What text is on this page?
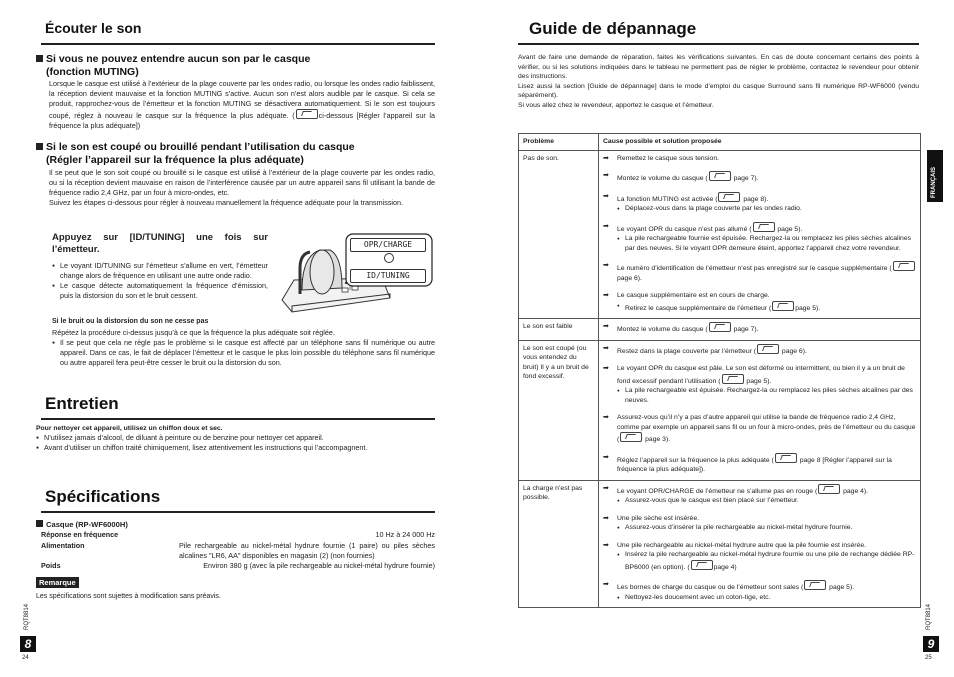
Écouter le son
Si vous ne pouvez entendre aucun son par le casque
(fonction MUTING)
Lorsque le casque est utilisé à l’extérieur de la plage couverte par les ondes radio, ou lorsque les ondes radio faiblissent, la réception devient mauvaise et la fonction MUTING s’active. Aucun son n’est alors audible par le casque. Si cela se produit, rapprochez-vous de l’émetteur et la fonction MUTING se désactivera automatiquement. Si le son est toujours coupé, réglez à nouveau le casque sur la fréquence la plus adéquate. (	ci-dessous [Régler l’appareil sur la fréquence la plus adéquate])
Si le son est coupé ou brouillé pendant l’utilisation du casque
(Régler l’appareil sur la fréquence la plus adéquate)
Il se peut que le son soit coupé ou brouillé si le casque est utilisé à l’extérieur de la plage couverte par les ondes radio, ou si la réception devient mauvaise en raison de l’interférence causée par un autre appareil sans fil utilisant la bande de fréquence radio 2,4 GHz, par un four à micro-ondes, etc.
Suivez les étapes ci-dessous pour régler à nouveau manuellement la fréquence adéquate pour la transmission.
Appuyez sur [ID/TUNING] une fois sur l’émetteur.
● Le voyant ID/TUNING sur l’émetteur s’allume en vert, l’émetteur change alors de fréquence en utilisant une autre onde radio.
● Le casque détecte automatiquement la fréquence d’émission, puis la distorsion du son et le bruit cessent.
OPR/CHARGE
ID/TUNING
Si le bruit ou la distorsion du son ne cesse pas
Répétez la procédure ci-dessus jusqu’à ce que la fréquence la plus adéquate soit réglée.
● Il se peut que cela ne règle pas le problème si le casque est affecté par un téléphone sans fil numérique ou autre appareil. Dans ce cas, le fait de déplacer l’émetteur et le casque le plus loin possible du téléphone sans fil numérique ou autre appareil fera peut-être cesser le bruit ou la distorsion du son.
Entretien
Pour nettoyer cet appareil, utilisez un chiffon doux et sec.
● N’utilisez jamais d’alcool, de diluant à peinture ou de benzine pour nettoyer cet appareil.
● Avant d’utiliser un chiffon traité chimiquement, lisez attentivement les instructions qui l’accompagnent.
Spécifications
Casque (RP-WF6000H)
Réponse en fréquence	10 Hz à 24 000 Hz
Alimentation	Pile rechargeable au nickel-métal hydrure fournie (1 paire) ou piles sèches alcalines "LR6, AA" disponibles en magasin (2) (non fournies)
Poids	Environ 380 g (avec la pile rechargeable au nickel-métal hydrure fournie)
Remarque
Les spécifications sont sujettes à modification sans préavis.
RQT8814
8
24
Guide de dépannage
Avant de faire une demande de réparation, faites les vérifications suivantes. En cas de doute concernant certains des points à vérifier, ou si les solutions indiquées dans le tableau ne permettent pas de régler le problème, contactez le revendeur pour obtenir des instructions.
Lisez aussi la section [Guide de dépannage] dans le mode d’emploi du casque Surround sans fil numérique RP-WF6000 (vendu séparément).
Si vous allez chez le revendeur, apportez le casque et l’émetteur.
Problème	Cause possible et solution proposée
Pas de son.	➡ Remettez le casque sous tension.
➡ Montez le volume du casque (	page 7).
➡ La fonction MUTING est activée (	page 8).
● Déplacez-vous dans la plage couverte par les ondes radio.
➡ Le voyant OPR du casque n’est pas allumé (	page 5).
● La pile rechargeable fournie est épuisée. Rechargez-la ou remplacez les piles sèches alcalines par des neuves. Si le voyant OPR demeure éteint, apportez l’appareil chez votre revendeur.
➡ Le numéro d’identification de l’émetteur n’est pas enregistré sur le casque supplémentaire ( page 6).
➡ Le casque supplémentaire est en cours de charge.
● Retirez le casque supplémentaire de l’émetteur (	page 5).
Le son est faible	➡ Montez le volume du casque (	page 7).
Le son est coupé (ou vous entendez du bruit) Il y a un bruit de fond excessif.
➡ Restez dans la plage couverte par l’émetteur (	page 6).
➡ Le voyant OPR du casque est pâle. Le son est déformé ou intermittent, ou bien il y a un bruit de fond excessif pendant l’utilisation (	page 5).
● La pile rechargeable est épuisée. Rechargez-la ou remplacez les piles sèches alcalines par des neuves.
➡ Assurez-vous qu’il n’y a pas d’autre appareil qui utilise la bande de fréquence radio 2,4 GHz, comme par exemple un appareil sans fil ou un four à micro-ondes, près de l’émetteur ou du casque (	page 3).
➡ Réglez l’appareil sur la fréquence la plus adéquate (	page 8 [Régler l’appareil sur la fréquence la plus adéquate]).
La charge n’est pas possible.
➡ Le voyant OPR/CHARGE de l’émetteur ne s’allume pas en rouge (	page 4).
● Assurez-vous que le casque est bien placé sur l’émetteur.
➡ Une pile sèche est insérée.
● Assurez-vous d’insérer la pile rechargeable au nickel-métal hydrure fournie.
➡ Une pile rechargeable au nickel-métal hydrure autre que la pile fournie est insérée.
● Insérez la pile rechargeable au nickel-métal hydrure fournie ou une pile de rechange dédiée RP-BP6000 (en option). (	page 4)
➡ Les bornes de charge du casque ou de l’émetteur sont sales (	page 5).
● Nettoyez-les doucement avec un coton-tige, etc.
FRANÇAIS
RQT8814
9
25
